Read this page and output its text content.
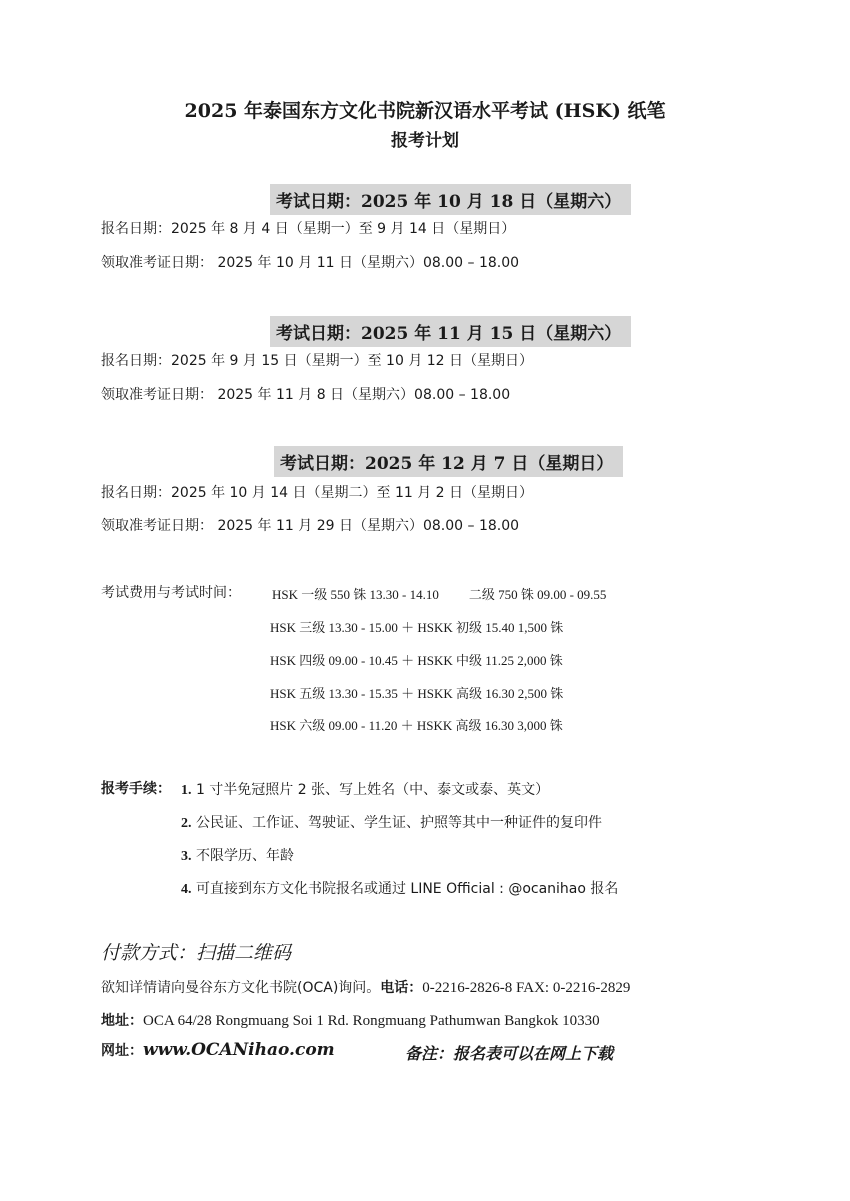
2025 年泰国东方文化书院新汉语水平考试 (HSK) 纸笔
报考计划
考试日期：2025 年 10 月 18 日（星期六）
报名日期：2025 年 8 月 4 日（星期一）至 9 月 14 日（星期日）
领取准考证日期： 2025 年 10 月 11 日（星期六）08.00 – 18.00
考试日期：2025 年 11 月 15 日（星期六）
报名日期：2025 年 9 月 15 日（星期一）至 10 月 12 日（星期日）
领取准考证日期： 2025 年 11 月 8 日（星期六）08.00 – 18.00
考试日期：2025 年 12 月 7 日（星期日）
报名日期：2025 年 10 月 14 日（星期二）至 11 月 2 日（星期日）
领取准考证日期： 2025 年 11 月 29 日（星期六）08.00 – 18.00
考试费用与考试时间： HSK 一级 550 铢 13.30 - 14.10 二级 750 铢 09.00 - 09.55
HSK 三级 13.30 - 15.00 ＋ HSKK 初级 15.40 1,500 铢
HSK 四级 09.00 - 10.45 ＋ HSKK 中级 11.25 2,000 铢
HSK 五级 13.30 - 15.35 ＋ HSKK 高级 16.30 2,500 铢
HSK 六级 09.00 - 11.20 ＋ HSKK 高级 16.30 3,000 铢
报考手续： 1. 1 寸半免冠照片 2 张、写上姓名（中、泰文或泰、英文）
2. 公民证、工作证、驾驶证、学生证、护照等其中一种证件的复印件
3. 不限学历、年龄
4. 可直接到东方文化书院报名或通过 LINE Official : @ocanihao 报名
付款方式：扫描二维码
欲知详情请向曼谷东方文化书院(OCA)询问。电话：0-2216-2826-8 FAX: 0-2216-2829
地址：OCA 64/28 Rongmuang Soi 1 Rd. Rongmuang Pathumwan Bangkok 10330
网址：www.OCANihao.com	备注：报名表可以在网上下载
